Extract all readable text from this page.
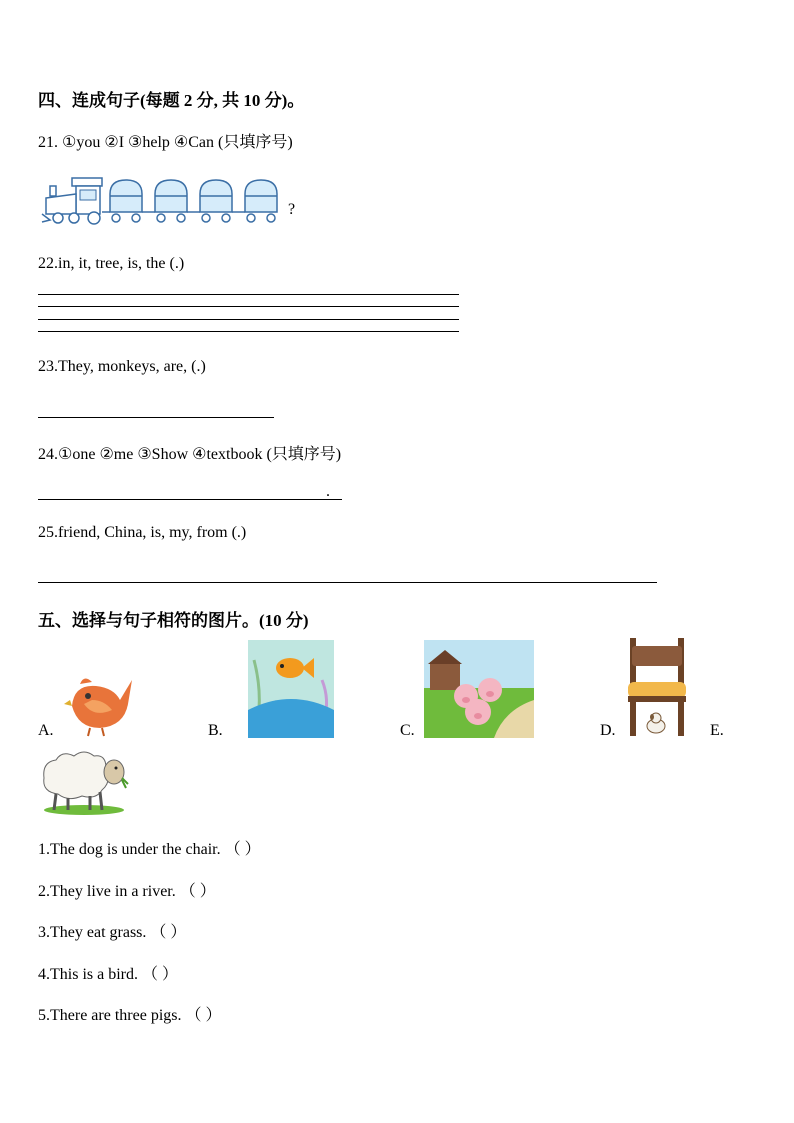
四、连成句子(每题 2 分, 共 10 分)。
21. ①you ②I ③help ④Can (只填序号)
?
22.in, it, tree, is, the (.)
23.They, monkeys, are, (.)
24.①one ②me ③Show ④textbook (只填序号)
.
25.friend, China, is, my, from (.)
五、选择与句子相符的图片。(10 分)
A.	B.	C.	D.	E.
1.The dog is under the chair. （ ）
2.They live in a river. （ ）
3.They eat grass. （ ）
4.This is a bird. （ ）
5.There are three pigs. （ ）
